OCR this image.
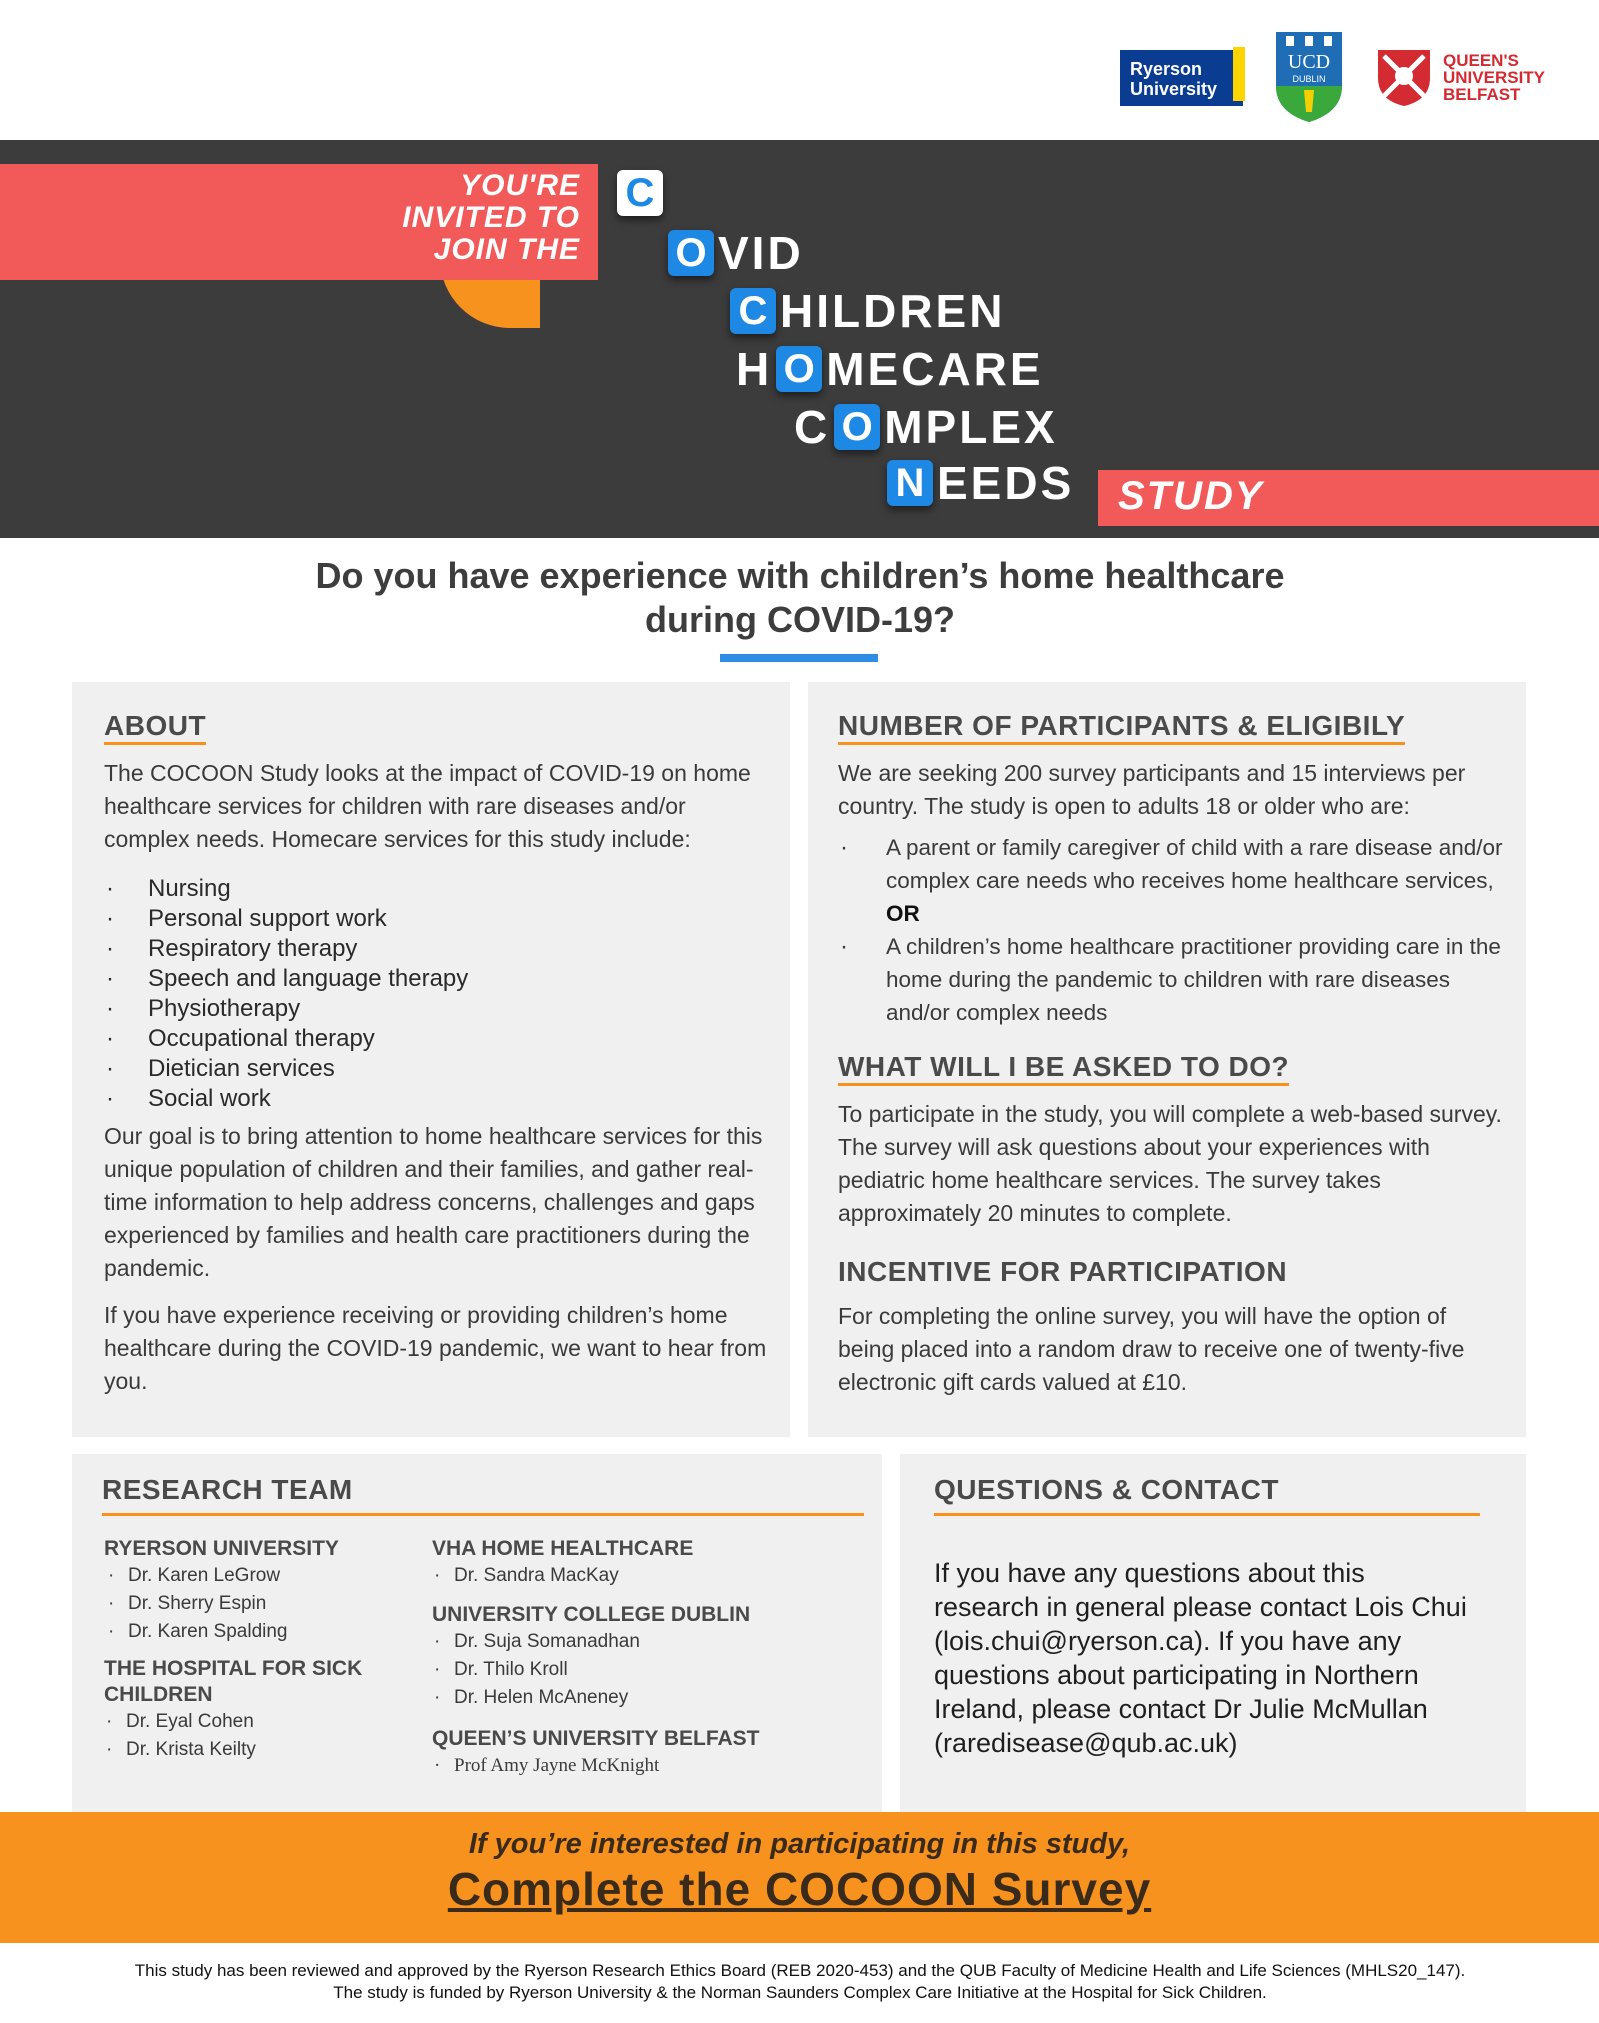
Ryerson University
UCD
DUBLIN
QUEEN'S
UNIVERSITY
BELFAST
YOU'RE
INVITED TO
JOIN THE
C
O VID
C HILDREN
H O MECARE
C O MPLEX
N EEDS STUDY
Do you have experience with children’s home healthcare
during COVID-19?
ABOUT
The COCOON Study looks at the impact of COVID-19 on home healthcare services for children with rare diseases and/or complex needs. Homecare services for this study include:
· Nursing
· Personal support work
· Respiratory therapy
· Speech and language therapy
· Physiotherapy
· Occupational therapy
· Dietician services
· Social work
Our goal is to bring attention to home healthcare services for this unique population of children and their families, and gather real-time information to help address concerns, challenges and gaps experienced by families and health care practitioners during the pandemic.
If you have experience receiving or providing children’s home healthcare during the COVID-19 pandemic, we want to hear from you.
NUMBER OF PARTICIPANTS & ELIGIBILY
We are seeking 200 survey participants and 15 interviews per country. The study is open to adults 18 or older who are:
· A parent or family caregiver of child with a rare disease and/or complex care needs who receives home healthcare services, OR
· A children’s home healthcare practitioner providing care in the home during the pandemic to children with rare diseases and/or complex needs
WHAT WILL I BE ASKED TO DO?
To participate in the study, you will complete a web-based survey. The survey will ask questions about your experiences with pediatric home healthcare services. The survey takes approximately 20 minutes to complete.
INCENTIVE FOR PARTICIPATION
For completing the online survey, you will have the option of being placed into a random draw to receive one of twenty-five electronic gift cards valued at £10.
RESEARCH TEAM
RYERSON UNIVERSITY
· Dr. Karen LeGrow
· Dr. Sherry Espin
· Dr. Karen Spalding
THE HOSPITAL FOR SICK CHILDREN
· Dr. Eyal Cohen
· Dr. Krista Keilty
VHA HOME HEALTHCARE
· Dr. Sandra MacKay
UNIVERSITY COLLEGE DUBLIN
· Dr. Suja Somanadhan
· Dr. Thilo Kroll
· Dr. Helen McAneney
QUEEN’S UNIVERSITY BELFAST
· Prof Amy Jayne McKnight
QUESTIONS & CONTACT
If you have any questions about this research in general please contact Lois Chui (lois.chui@ryerson.ca). If you have any questions about participating in Northern Ireland, please contact Dr Julie McMullan (raredisease@qub.ac.uk)
If you’re interested in participating in this study,
Complete the COCOON Survey
This study has been reviewed and approved by the Ryerson Research Ethics Board (REB 2020-453) and the QUB Faculty of Medicine Health and Life Sciences (MHLS20_147). The study is funded by Ryerson University & the Norman Saunders Complex Care Initiative at the Hospital for Sick Children.
